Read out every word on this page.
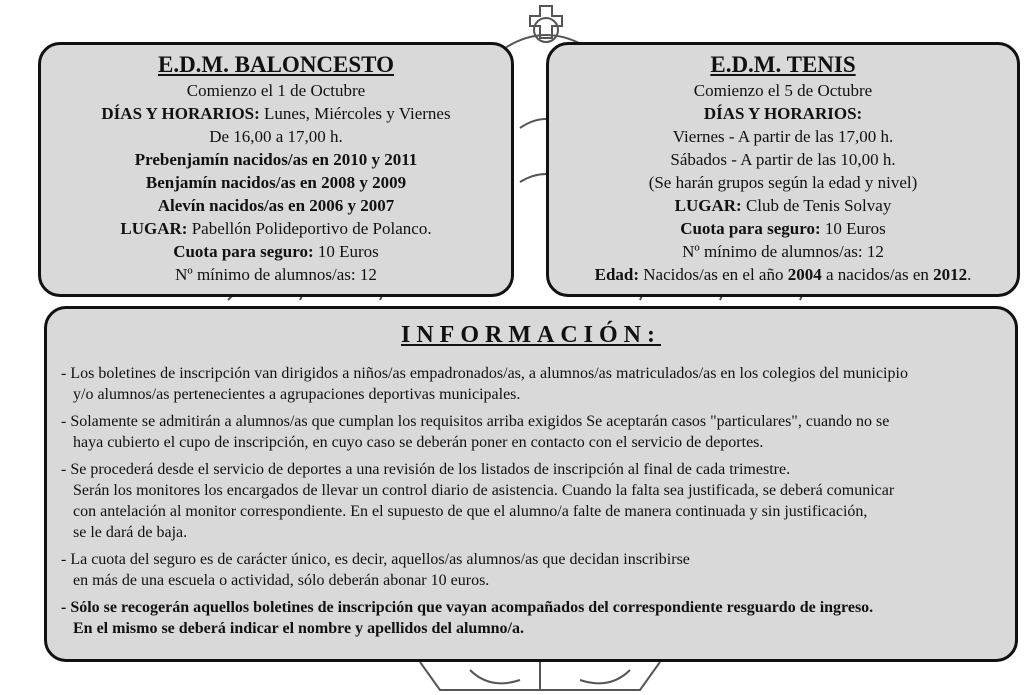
E.D.M. BALONCESTO
Comienzo el 1 de Octubre
DÍAS Y HORARIOS: Lunes, Miércoles y Viernes
De 16,00 a 17,00 h.
Prebenjamín nacidos/as en 2010 y 2011
Benjamín nacidos/as en 2008 y 2009
Alevín nacidos/as en 2006 y 2007
LUGAR: Pabellón Polideportivo de Polanco.
Cuota para seguro: 10 Euros
Nº mínimo de alumnos/as: 12
E.D.M. TENIS
Comienzo el 5 de Octubre
DÍAS Y HORARIOS:
Viernes - A partir de las 17,00 h.
Sábados - A partir de las 10,00 h.
(Se harán grupos según la edad y nivel)
LUGAR: Club de Tenis Solvay
Cuota para seguro: 10 Euros
Nº mínimo de alumnos/as: 12
Edad: Nacidos/as en el año 2004 a nacidos/as en 2012.
INFORMACIÓN:
- Los boletines de inscripción van dirigidos a niños/as empadronados/as, a alumnos/as matriculados/as en los colegios del municipio
y/o alumnos/as pertenecientes a agrupaciones deportivas municipales.
- Solamente se admitirán a alumnos/as que cumplan los requisitos arriba exigidos Se aceptarán casos "particulares", cuando no se
haya cubierto el cupo de inscripción, en cuyo caso se deberán poner en contacto con el servicio de deportes.
- Se procederá desde el servicio de deportes a una revisión de los listados de inscripción al final de cada trimestre.
Serán los monitores los encargados de llevar un control diario de asistencia. Cuando la falta sea justificada, se deberá comunicar
con antelación al monitor correspondiente. En el supuesto de que el alumno/a falte de manera continuada y sin justificación,
se le dará de baja.
- La cuota del seguro es de carácter único, es decir, aquellos/as alumnos/as que decidan inscribirse
en más de una escuela o actividad, sólo deberán abonar 10 euros.
- Sólo se recogerán aquellos boletines de inscripción que vayan acompañados del correspondiente resguardo de ingreso.
En el mismo se deberá indicar el nombre y apellidos del alumno/a.
